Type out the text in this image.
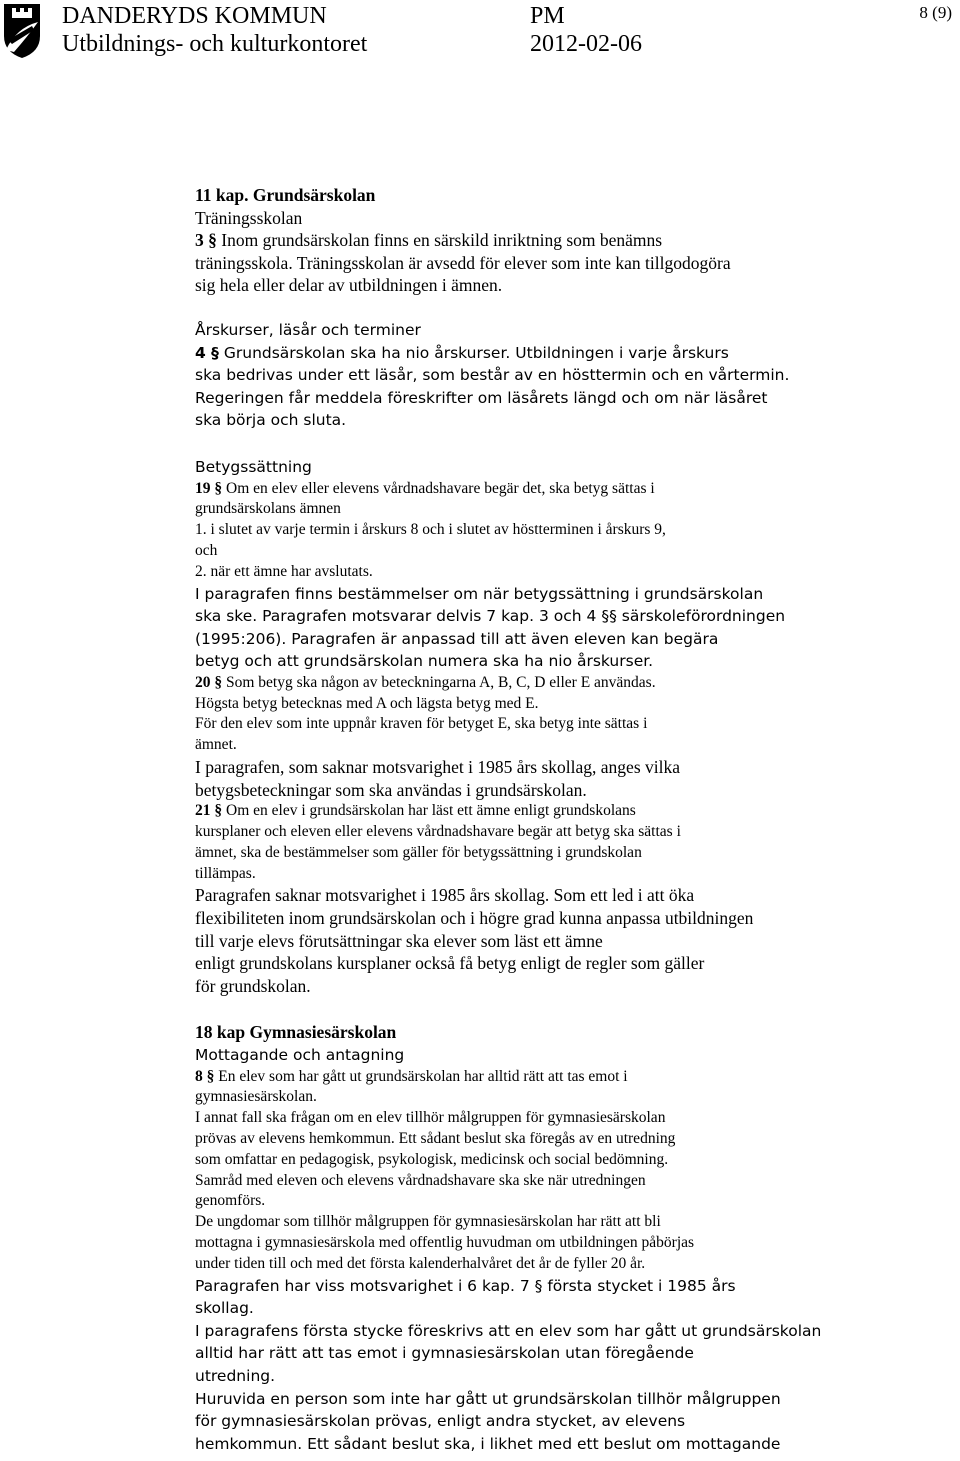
DANDERYDS KOMMUN
Utbildnings- och kulturkontoret
PM
2012-02-06
8 (9)
11 kap. Grundsärskolan
Träningsskolan
3 § Inom grundsärskolan finns en särskild inriktning som benämns
träningsskola. Träningsskolan är avsedd för elever som inte kan tillgodogöra
sig hela eller delar av utbildningen i ämnen.
Årskurser, läsår och terminer
4 § Grundsärskolan ska ha nio årskurser. Utbildningen i varje årskurs
ska bedrivas under ett läsår, som består av en hösttermin och en vårtermin.
Regeringen får meddela föreskrifter om läsårets längd och om när läsåret
ska börja och sluta.
Betygssättning
19 § Om en elev eller elevens vårdnadshavare begär det, ska betyg sättas i
grundsärskolans ämnen
1. i slutet av varje termin i årskurs 8 och i slutet av höstterminen i årskurs 9,
och
2. när ett ämne har avslutats.
I paragrafen finns bestämmelser om när betygssättning i grundsärskolan
ska ske. Paragrafen motsvarar delvis 7 kap. 3 och 4 §§ särskoleförordningen
(1995:206). Paragrafen är anpassad till att även eleven kan begära
betyg och att grundsärskolan numera ska ha nio årskurser.
20 § Som betyg ska någon av beteckningarna A, B, C, D eller E användas.
Högsta betyg betecknas med A och lägsta betyg med E.
För den elev som inte uppnår kraven för betyget E, ska betyg inte sättas i
ämnet.
I paragrafen, som saknar motsvarighet i 1985 års skollag, anges vilka
betygsbeteckningar som ska användas i grundsärskolan.
21 § Om en elev i grundsärskolan har läst ett ämne enligt grundskolans
kursplaner och eleven eller elevens vårdnadshavare begär att betyg ska sättas i
ämnet, ska de bestämmelser som gäller för betygssättning i grundskolan
tillämpas.
Paragrafen saknar motsvarighet i 1985 års skollag. Som ett led i att öka
flexibiliteten inom grundsärskolan och i högre grad kunna anpassa utbildningen
till varje elevs förutsättningar ska elever som läst ett ämne
enligt grundskolans kursplaner också få betyg enligt de regler som gäller
för grundskolan.
18 kap Gymnasiesärskolan
Mottagande och antagning
8 § En elev som har gått ut grundsärskolan har alltid rätt att tas emot i
gymnasiesärskolan.
I annat fall ska frågan om en elev tillhör målgruppen för gymnasiesärskolan
prövas av elevens hemkommun. Ett sådant beslut ska föregås av en utredning
som omfattar en pedagogisk, psykologisk, medicinsk och social bedömning.
Samråd med eleven och elevens vårdnadshavare ska ske när utredningen
genomförs.
De ungdomar som tillhör målgruppen för gymnasiesärskolan har rätt att bli
mottagna i gymnasiesärskola med offentlig huvudman om utbildningen påbörjas
under tiden till och med det första kalenderhalvåret det år de fyller 20 år.
Paragrafen har viss motsvarighet i 6 kap. 7 § första stycket i 1985 års
skollag.
I paragrafens första stycke föreskrivs att en elev som har gått ut grundsärskolan
alltid har rätt att tas emot i gymnasiesärskolan utan föregående
utredning.
Huruvida en person som inte har gått ut grundsärskolan tillhör målgruppen
för gymnasiesärskolan prövas, enligt andra stycket, av elevens
hemkommun. Ett sådant beslut ska, i likhet med ett beslut om mottagande
